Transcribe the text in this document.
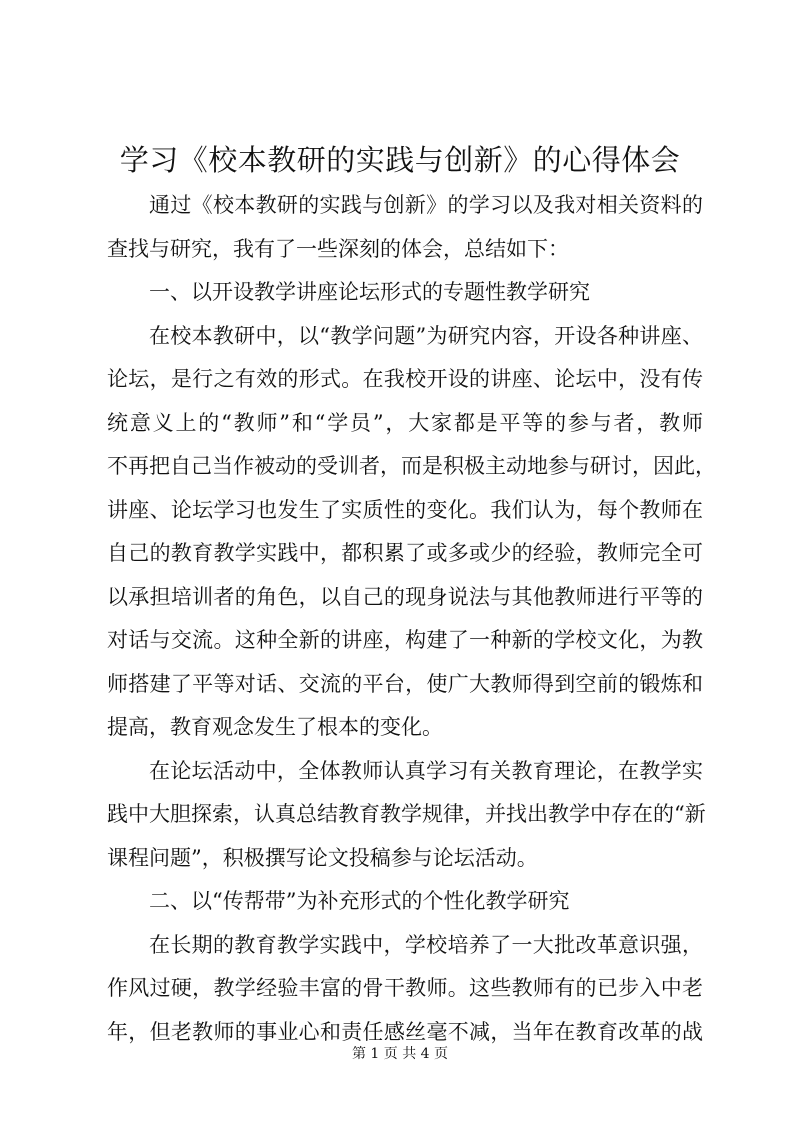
学习《校本教研的实践与创新》的心得体会
通过《校本教研的实践与创新》的学习以及我对相关资料的
查找与研究，我有了一些深刻的体会，总结如下：
一、以开设教学讲座论坛形式的专题性教学研究
在校本教研中，以“教学问题”为研究内容，开设各种讲座、
论坛，是行之有效的形式。在我校开设的讲座、论坛中，没有传
统意义上的“教师”和“学员”，大家都是平等的参与者，教师
不再把自己当作被动的受训者，而是积极主动地参与研讨，因此，
讲座、论坛学习也发生了实质性的变化。我们认为，每个教师在
自己的教育教学实践中，都积累了或多或少的经验，教师完全可
以承担培训者的角色，以自己的现身说法与其他教师进行平等的
对话与交流。这种全新的讲座，构建了一种新的学校文化，为教
师搭建了平等对话、交流的平台，使广大教师得到空前的锻炼和
提高，教育观念发生了根本的变化。
在论坛活动中，全体教师认真学习有关教育理论，在教学实
践中大胆探索，认真总结教育教学规律，并找出教学中存在的“新
课程问题”，积极撰写论文投稿参与论坛活动。
二、以“传帮带”为补充形式的个性化教学研究
在长期的教育教学实践中，学校培养了一大批改革意识强，
作风过硬，教学经验丰富的骨干教师。这些教师有的已步入中老
年，但老教师的事业心和责任感丝毫不减，当年在教育改革的战
第 1 页 共 4 页
